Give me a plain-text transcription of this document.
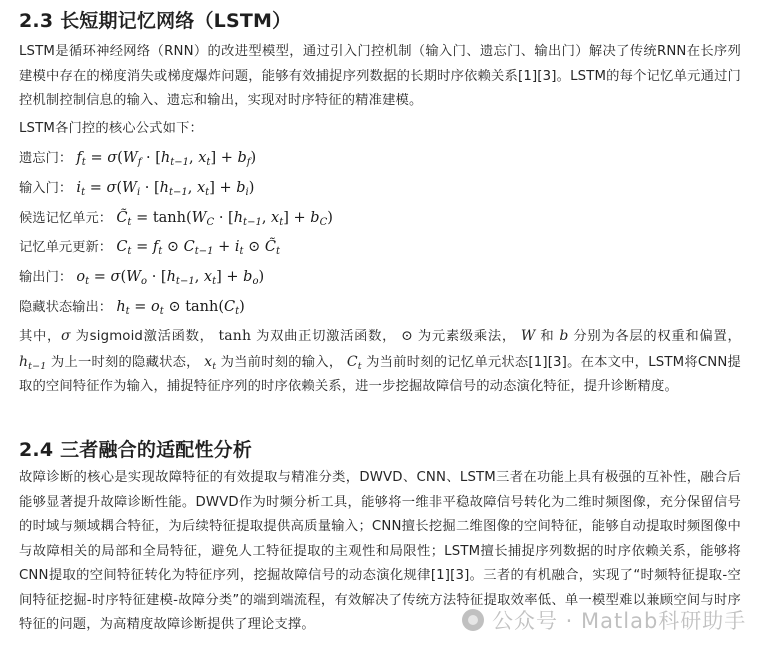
2.3 长短期记忆网络（LSTM）

LSTM是循环神经网络（RNN）的改进型模型，通过引入门控机制（输入门、遗忘门、输出门）解决了传统RNN在长序列建模中存在的梯度消失或梯度爆炸问题，能够有效捕捉序列数据的长期时序依赖关系[1][3]。LSTM的每个记忆单元通过门控机制控制信息的输入、遗忘和输出，实现对时序特征的精准建模。

LSTM各门控的核心公式如下：

遗忘门： $f_t = \sigma(W_f \cdot [h_{t-1}$, $x_t] + b_f$)
输入门： $i_t = \sigma(W_i \cdot [h_{t-1}$, $x_t] + b_i$)
候选记忆单元： $C̃_t = \tanh(W_C \cdot [h_{t-1}$, $x_t] + b_C$)
记忆单元更新： $C_t = f_t$ ⊙ $C_{t-1} + i_t$ ⊙ $C̃_t$
输出门： $o_t = \sigma(W_o \cdot [h_{t-1}$, $x_t] + b_o$)
隐藏状态输出： $h_t = o_t$ ⊙ $\tanh(C_t)$

其中，σ 为sigmoid激活函数， tanh 为双曲正切激活函数， ⊙ 为元素级乘法， W 和 b 分别为各层的权重和偏置， $h_{t-1}$ 为上一时刻的隐藏状态， $x_t$ 为当前时刻的输入， $C_t$ 为当前时刻的记忆单元状态[1][3]。在本文中，LSTM将CNN提取的空间特征作为输入，捕捉特征序列的时序依赖关系，进一步挖掘故障信号的动态演化特征，提升诊断精度。

2.4 三者融合的适配性分析

故障诊断的核心是实现故障特征的有效提取与精准分类，DWVD、CNN、LSTM三者在功能上具有极强的互补性，融合后能够显著提升故障诊断性能。DWVD作为时频分析工具，能够将一维非平稳故障信号转化为二维时频图像，充分保留信号的时域与频域耦合特征，为后续特征提取提供高质量输入；CNN擅长挖掘二维图像的空间特征，能够自动提取时频图像中与故障相关的局部和全局特征，避免人工特征提取的主观性和局限性；LSTM擅长捕捉序列数据的时序依赖关系，能够将CNN提取的空间特征转化为特征序列，挖掘故障信号的动态演化规律[1][3]。三者的有机融合，实现了“时频特征提取-空间特征挖掘-时序特征建模-故障分类”的端到端流程，有效解决了传统方法特征提取效率低、单一模型难以兼顾空间与时序特征的问题，为高精度故障诊断提供了理论支撑。	公众号 · Matlab科研助手
